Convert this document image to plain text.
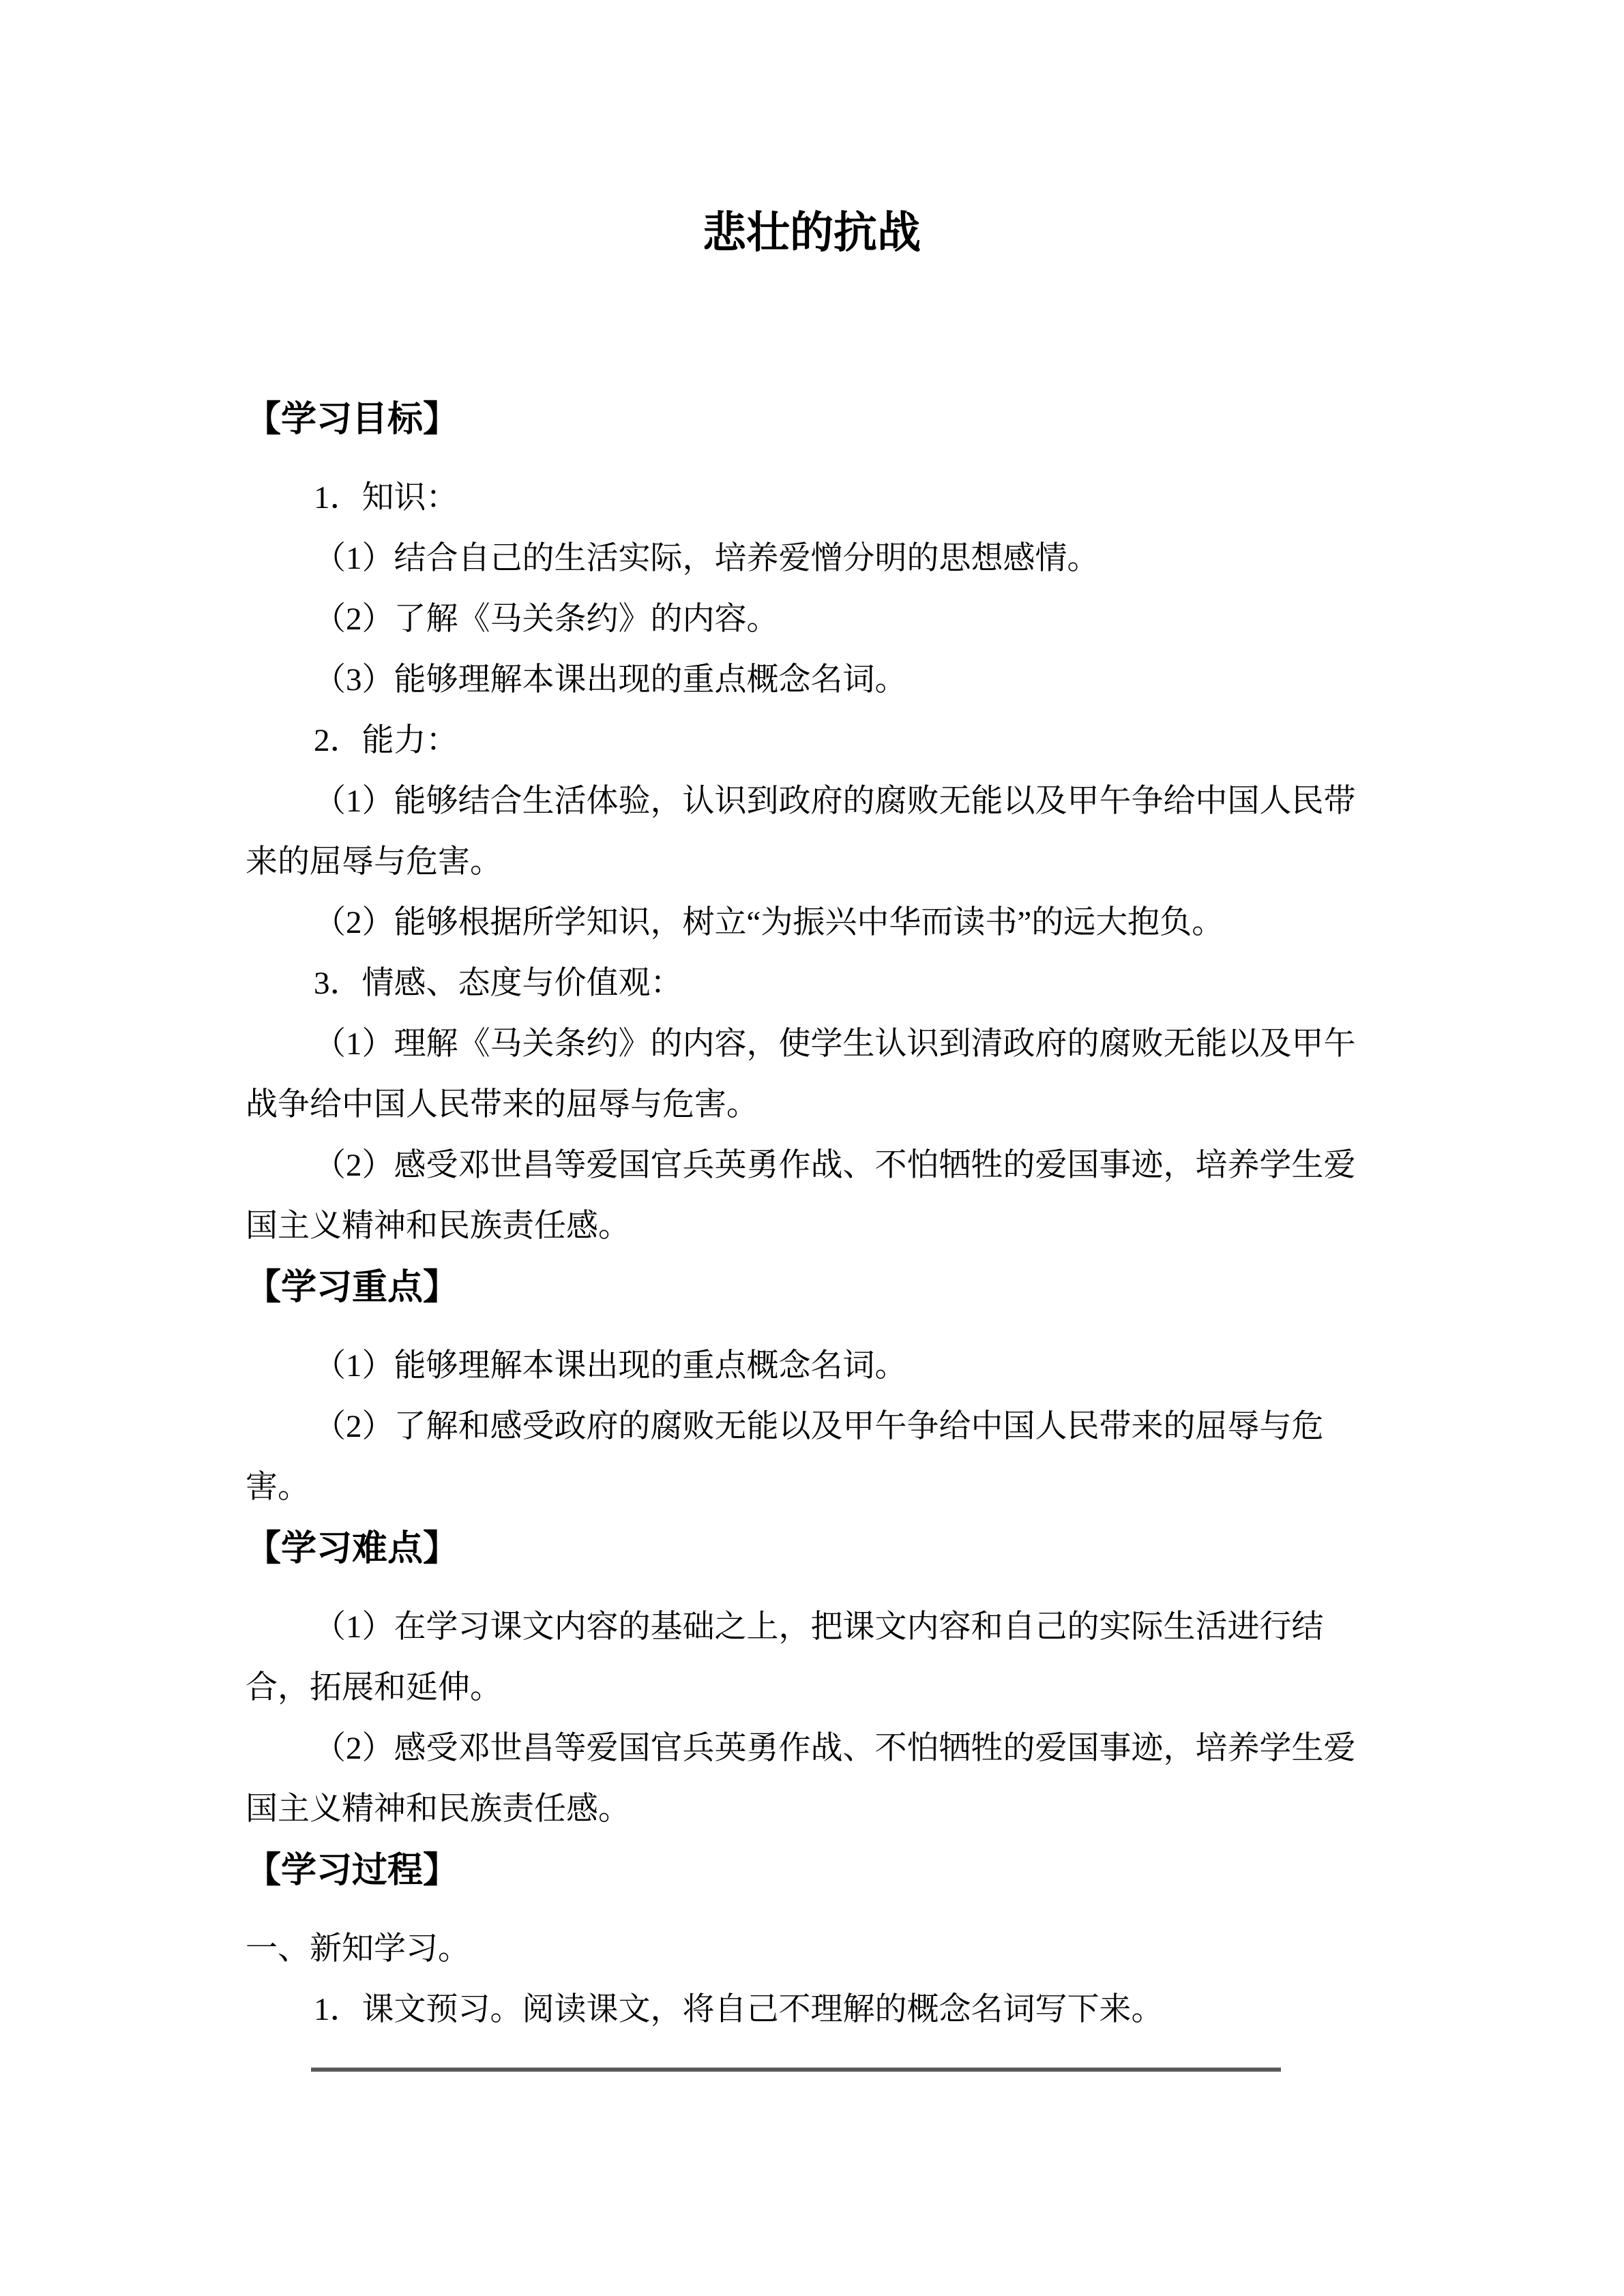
悲壮的抗战
【学习目标】
1．知识：
（1）结合自己的生活实际，培养爱憎分明的思想感情。
（2）了解《马关条约》的内容。
（3）能够理解本课出现的重点概念名词。
2．能力：
（1）能够结合生活体验，认识到政府的腐败无能以及甲午争给中国人民带
来的屈辱与危害。
（2）能够根据所学知识，树立“为振兴中华而读书”的远大抱负。
3．情感、态度与价值观：
（1）理解《马关条约》的内容，使学生认识到清政府的腐败无能以及甲午
战争给中国人民带来的屈辱与危害。
（2）感受邓世昌等爱国官兵英勇作战、不怕牺牲的爱国事迹，培养学生爱
国主义精神和民族责任感。
【学习重点】
（1）能够理解本课出现的重点概念名词。
（2）了解和感受政府的腐败无能以及甲午争给中国人民带来的屈辱与危
害。
【学习难点】
（1）在学习课文内容的基础之上，把课文内容和自己的实际生活进行结
合，拓展和延伸。
（2）感受邓世昌等爱国官兵英勇作战、不怕牺牲的爱国事迹，培养学生爱
国主义精神和民族责任感。
【学习过程】
一、新知学习。
1．课文预习。阅读课文，将自己不理解的概念名词写下来。
